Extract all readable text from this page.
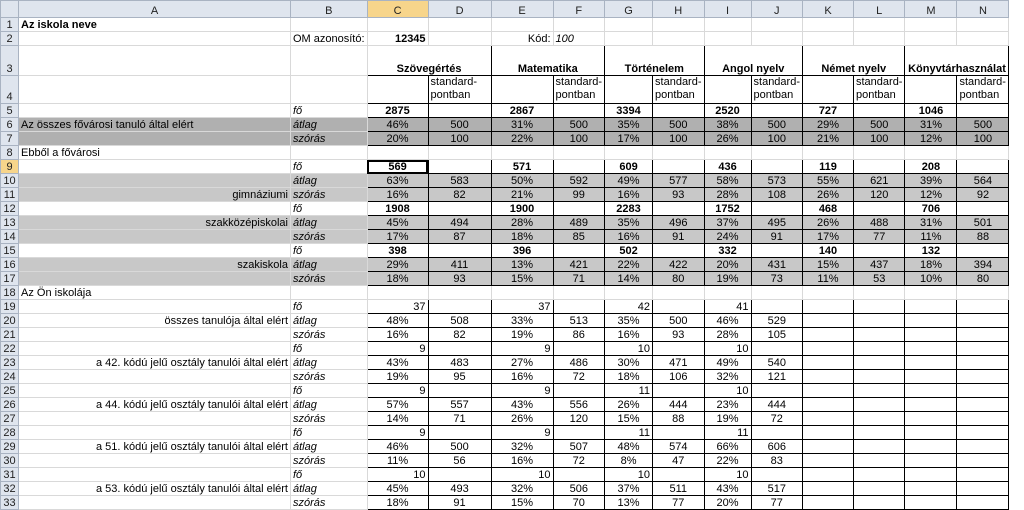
	A	B	C	D	E	F	G	H	I	J	K	L	M	N
1	Az iskola neve													
2		OM azonosító:	12345		Kód:	100								
3			Szövegértés		Matematika		Történelem		Angol nyelv		Német nyelv		Könyvtárhasználat	
4				standard-pontban		standard-pontban		standard-pontban		standard-pontban		standard-pontban		standard-pontban
5		fő	2875		2867		3394		2520		727		1046	
6	Az összes fővárosi tanuló által elért	átlag	46%	500	31%	500	35%	500	38%	500	29%	500	31%	500
7		szórás	20%	100	22%	100	17%	100	26%	100	21%	100	12%	100
8	Ebből a fővárosi													
9		fő	569		571		609		436		119		208	
10		átlag	63%	583	50%	592	49%	577	58%	573	55%	621	39%	564
11	gimnáziumi	szórás	16%	82	21%	99	16%	93	28%	108	26%	120	12%	92
12		fő	1908		1900		2283		1752		468		706	
13	szakközépiskolai	átlag	45%	494	28%	489	35%	496	37%	495	26%	488	31%	501
14		szórás	17%	87	18%	85	16%	91	24%	91	17%	77	11%	88
15		fő	398		396		502		332		140		132	
16	szakiskola	átlag	29%	411	13%	421	22%	422	20%	431	15%	437	18%	394
17		szórás	18%	93	15%	71	14%	80	19%	73	11%	53	10%	80
18	Az Ön iskolája													
19		fő	37		37		42		41					
20	összes tanulója által elért	átlag	48%	508	33%	513	35%	500	46%	529				
21		szórás	16%	82	19%	86	16%	93	28%	105				
22		fő	9		9		10		10					
23	a 42. kódú jelű osztály tanulói által elért	átlag	43%	483	27%	486	30%	471	49%	540				
24		szórás	19%	95	16%	72	18%	106	32%	121				
25		fő	9		9		11		10					
26	a 44. kódú jelű osztály tanulói által elért	átlag	57%	557	43%	556	26%	444	23%	444				
27		szórás	14%	71	26%	120	15%	88	19%	72				
28		fő	9		9		11		11					
29	a 51. kódú jelű osztály tanulói által elért	átlag	46%	500	32%	507	48%	574	66%	606				
30		szórás	11%	56	16%	72	8%	47	22%	83				
31		fő	10		10		10		10					
32	a 53. kódú jelű osztály tanulói által elért	átlag	45%	493	32%	506	37%	511	43%	517				
33		szórás	18%	91	15%	70	13%	77	20%	77				
